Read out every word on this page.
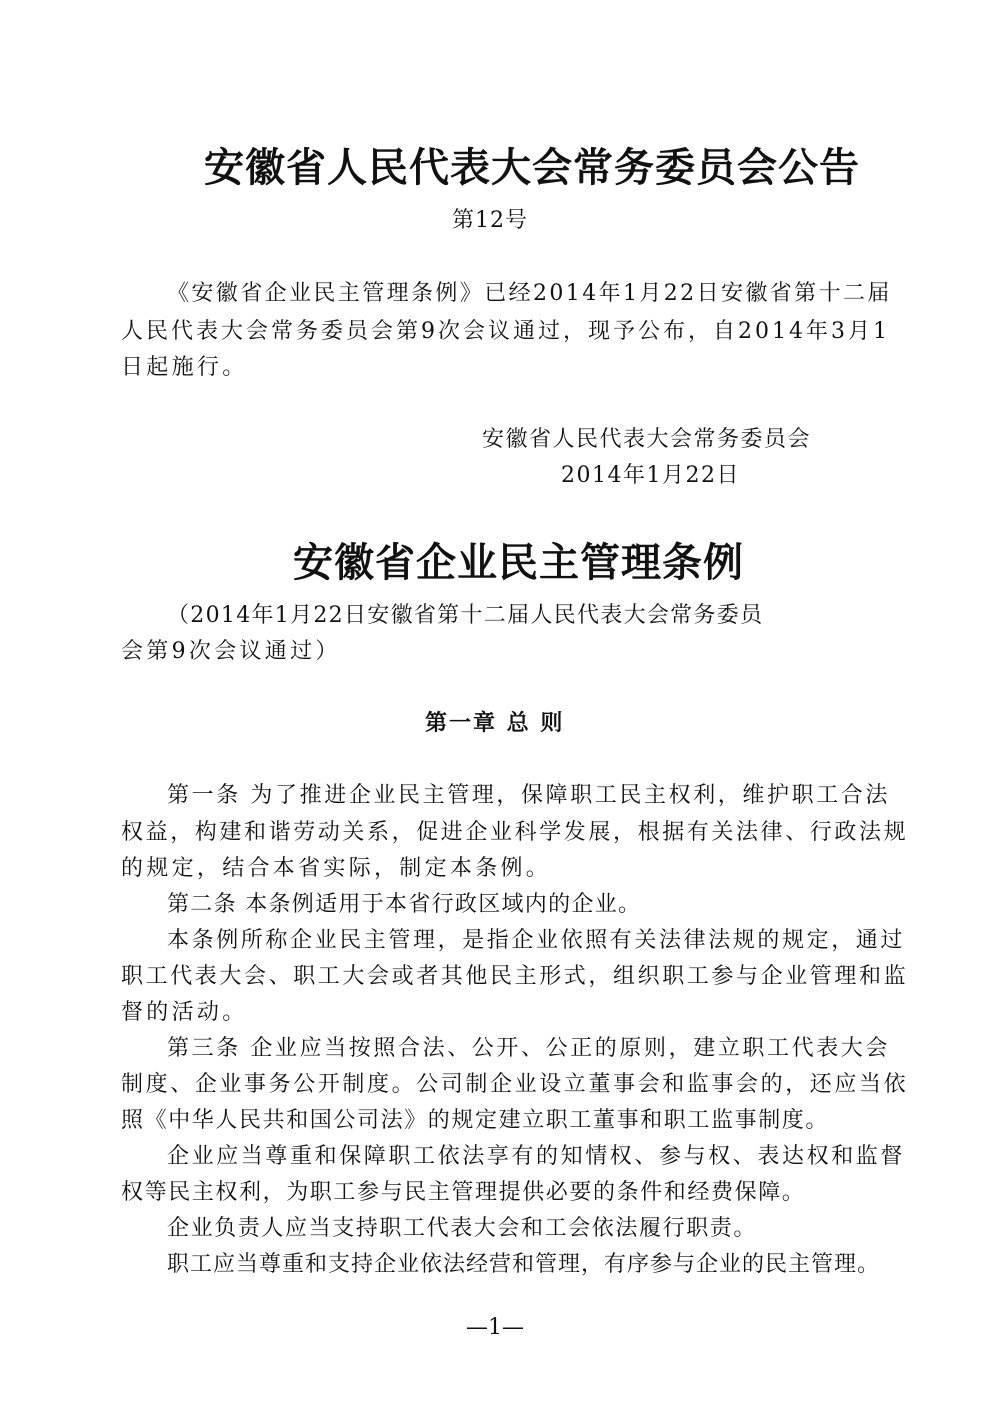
安徽省人民代表大会常务委员会公告
第12号
《安徽省企业民主管理条例》已经2014年1月22日安徽省第十二届
人民代表大会常务委员会第9次会议通过，现予公布，自2014年3月1
日起施行。
安徽省人民代表大会常务委员会
2014年1月22日
安徽省企业民主管理条例
（2014年1月22日安徽省第十二届人民代表大会常务委员
会第9次会议通过）
第一章 总 则
第一条 为了推进企业民主管理，保障职工民主权利，维护职工合法
权益，构建和谐劳动关系，促进企业科学发展，根据有关法律、行政法规
的规定，结合本省实际，制定本条例。
第二条 本条例适用于本省行政区域内的企业。
本条例所称企业民主管理，是指企业依照有关法律法规的规定，通过
职工代表大会、职工大会或者其他民主形式，组织职工参与企业管理和监
督的活动。
第三条 企业应当按照合法、公开、公正的原则，建立职工代表大会
制度、企业事务公开制度。公司制企业设立董事会和监事会的，还应当依
照《中华人民共和国公司法》的规定建立职工董事和职工监事制度。
企业应当尊重和保障职工依法享有的知情权、参与权、表达权和监督
权等民主权利，为职工参与民主管理提供必要的条件和经费保障。
企业负责人应当支持职工代表大会和工会依法履行职责。
职工应当尊重和支持企业依法经营和管理，有序参与企业的民主管理。
—1—
